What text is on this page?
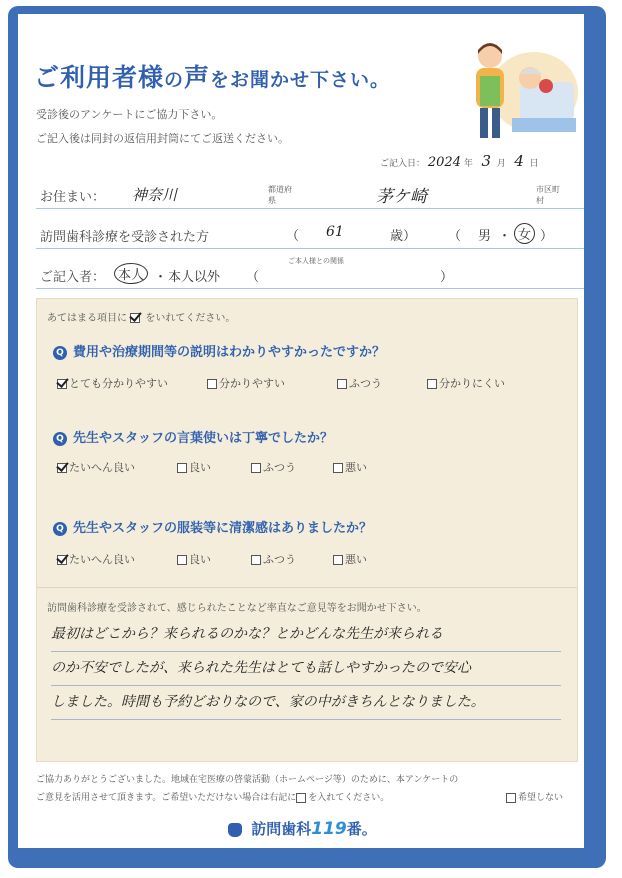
ご利用者様の声をお聞かせ下さい。
受診後のアンケートにご協力下さい。
ご記入後は同封の返信用封筒にてご返送ください。
ご記入日： 2024 年 3 月 4 日
お住まい： 神奈川	都道府県	茅ケ崎	市区町村
訪問歯科診療を受診された方	（ 61	歳） （ 男 ・ 女 ）
ご記入者： 本人 ・ 本人以外 （
ご本人様との関係
）
あてはまる項目に をいれてください。
Q 費用や治療期間等の説明はわかりやすかったですか？
とても分かりやすい	分かりやすい	ふつう	分かりにくい
Q 先生やスタッフの言葉使いは丁寧でしたか？
たいへん良い	良い	ふつう	悪い
Q 先生やスタッフの服装等に清潔感はありましたか？
たいへん良い	良い	ふつう	悪い
訪問歯科診療を受診されて、感じられたことなど率直なご意見等をお聞かせ下さい。
最初はどこから？来られるのかな？とかどんな先生が来られる
のか不安でしたが、来られた先生はとても話しやすかったので安心
しました。時間も予約どおりなので、家の中がきちんとなりました。
ご協力ありがとうございました。地域在宅医療の啓蒙活動（ホームページ等）のために、本アンケートの
ご意見を活用させて頂きます。ご希望いただけない場合は右記に を入れてください。	希望しない
訪問歯科119番。
